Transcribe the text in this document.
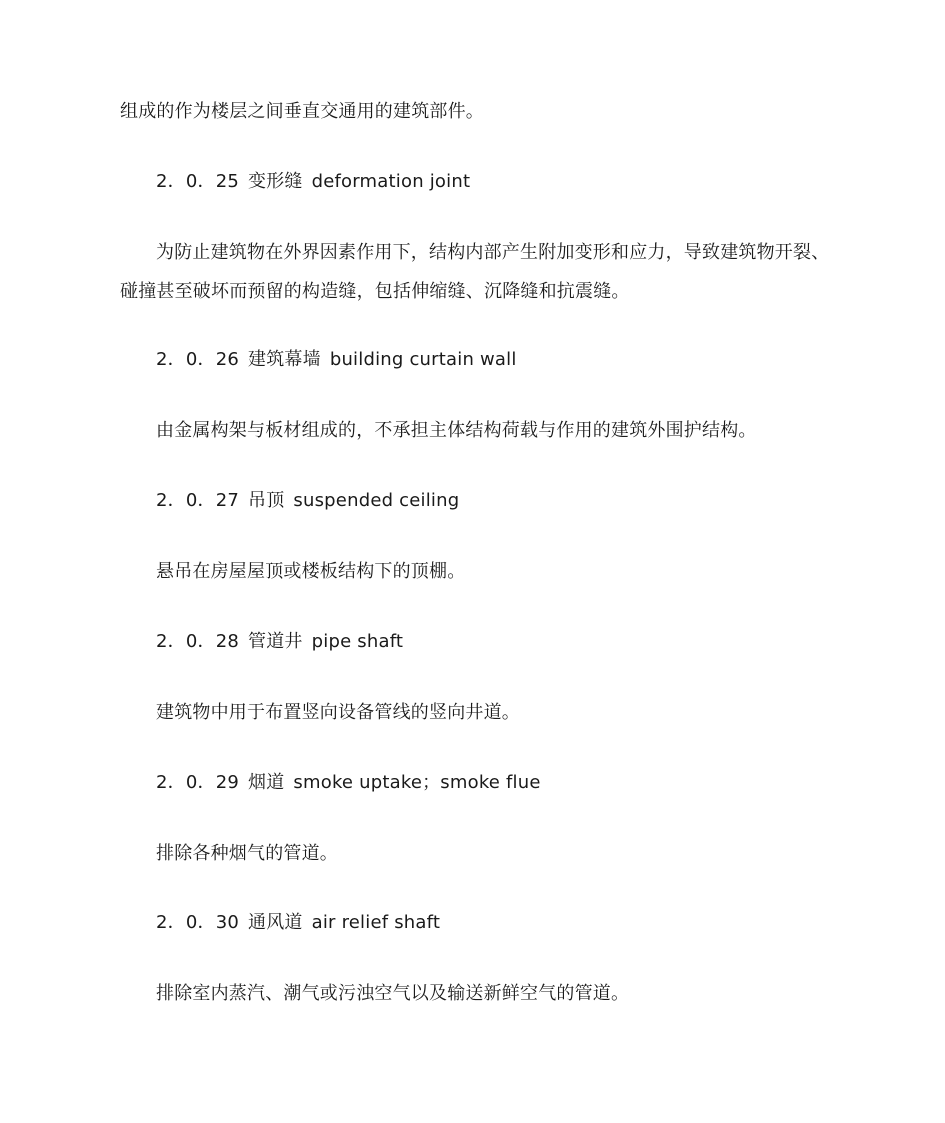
组成的作为楼层之间垂直交通用的建筑部件。
2．0．25 变形缝 deformation joint
为防止建筑物在外界因素作用下，结构内部产生附加变形和应力，导致建筑物开裂、
碰撞甚至破坏而预留的构造缝，包括伸缩缝、沉降缝和抗震缝。
2．0．26 建筑幕墙 building curtain wall
由金属构架与板材组成的，不承担主体结构荷载与作用的建筑外围护结构。
2．0．27 吊顶 suspended ceiling
悬吊在房屋屋顶或楼板结构下的顶棚。
2．0．28 管道井 pipe shaft
建筑物中用于布置竖向设备管线的竖向井道。
2．0．29 烟道 smoke uptake；smoke flue
排除各种烟气的管道。
2．0．30 通风道 air relief shaft
排除室内蒸汽、潮气或污浊空气以及输送新鲜空气的管道。
